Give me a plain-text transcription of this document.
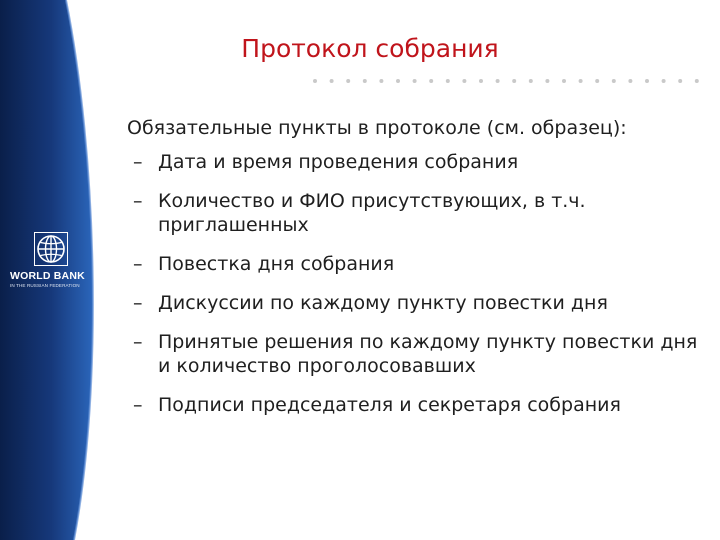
WORLD BANK
IN THE RUSSIAN FEDERATION
Протокол собрания
Обязательные пункты в протоколе (см. образец):
– Дата и время проведения собрания
– Количество и ФИО присутствующих, в т.ч. приглашенных
– Повестка дня собрания
– Дискуссии по каждому пункту повестки дня
– Принятые решения по каждому пункту повестки дня и количество проголосовавших
– Подписи председателя и секретаря собрания
